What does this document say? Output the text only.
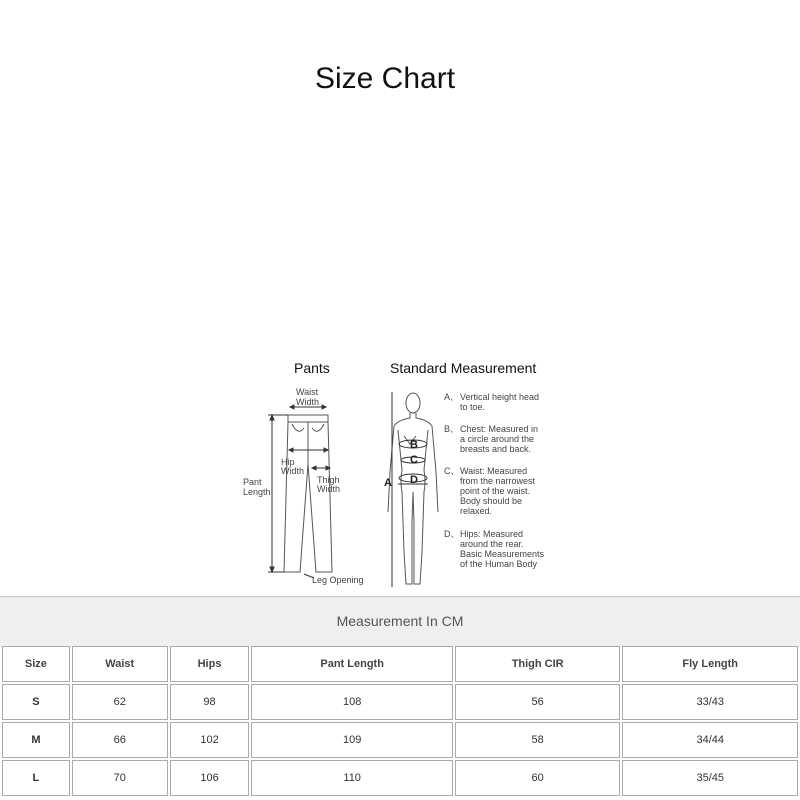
Size Chart
Pants	Standard Measurement
Waist
Width
Hip
Width
Thigh
Width
Pant
Length
Leg Opening
A
B
C
D
A、 Vertical height head
to toe.
B、 Chest: Measured in
a circle around the
breasts and back.
C、 Waist: Measured
from the narrowest
point of the waist.
Body should be
relaxed.
D、 Hips: Measured
around the rear.
Basic Measurements
of the Human Body
Measurement In CM
Size	Waist	Hips	Pant Length	Thigh CIR	Fly Length
S	62	98	108	56	33/43
M	66	102	109	58	34/44
L	70	106	110	60	35/45
